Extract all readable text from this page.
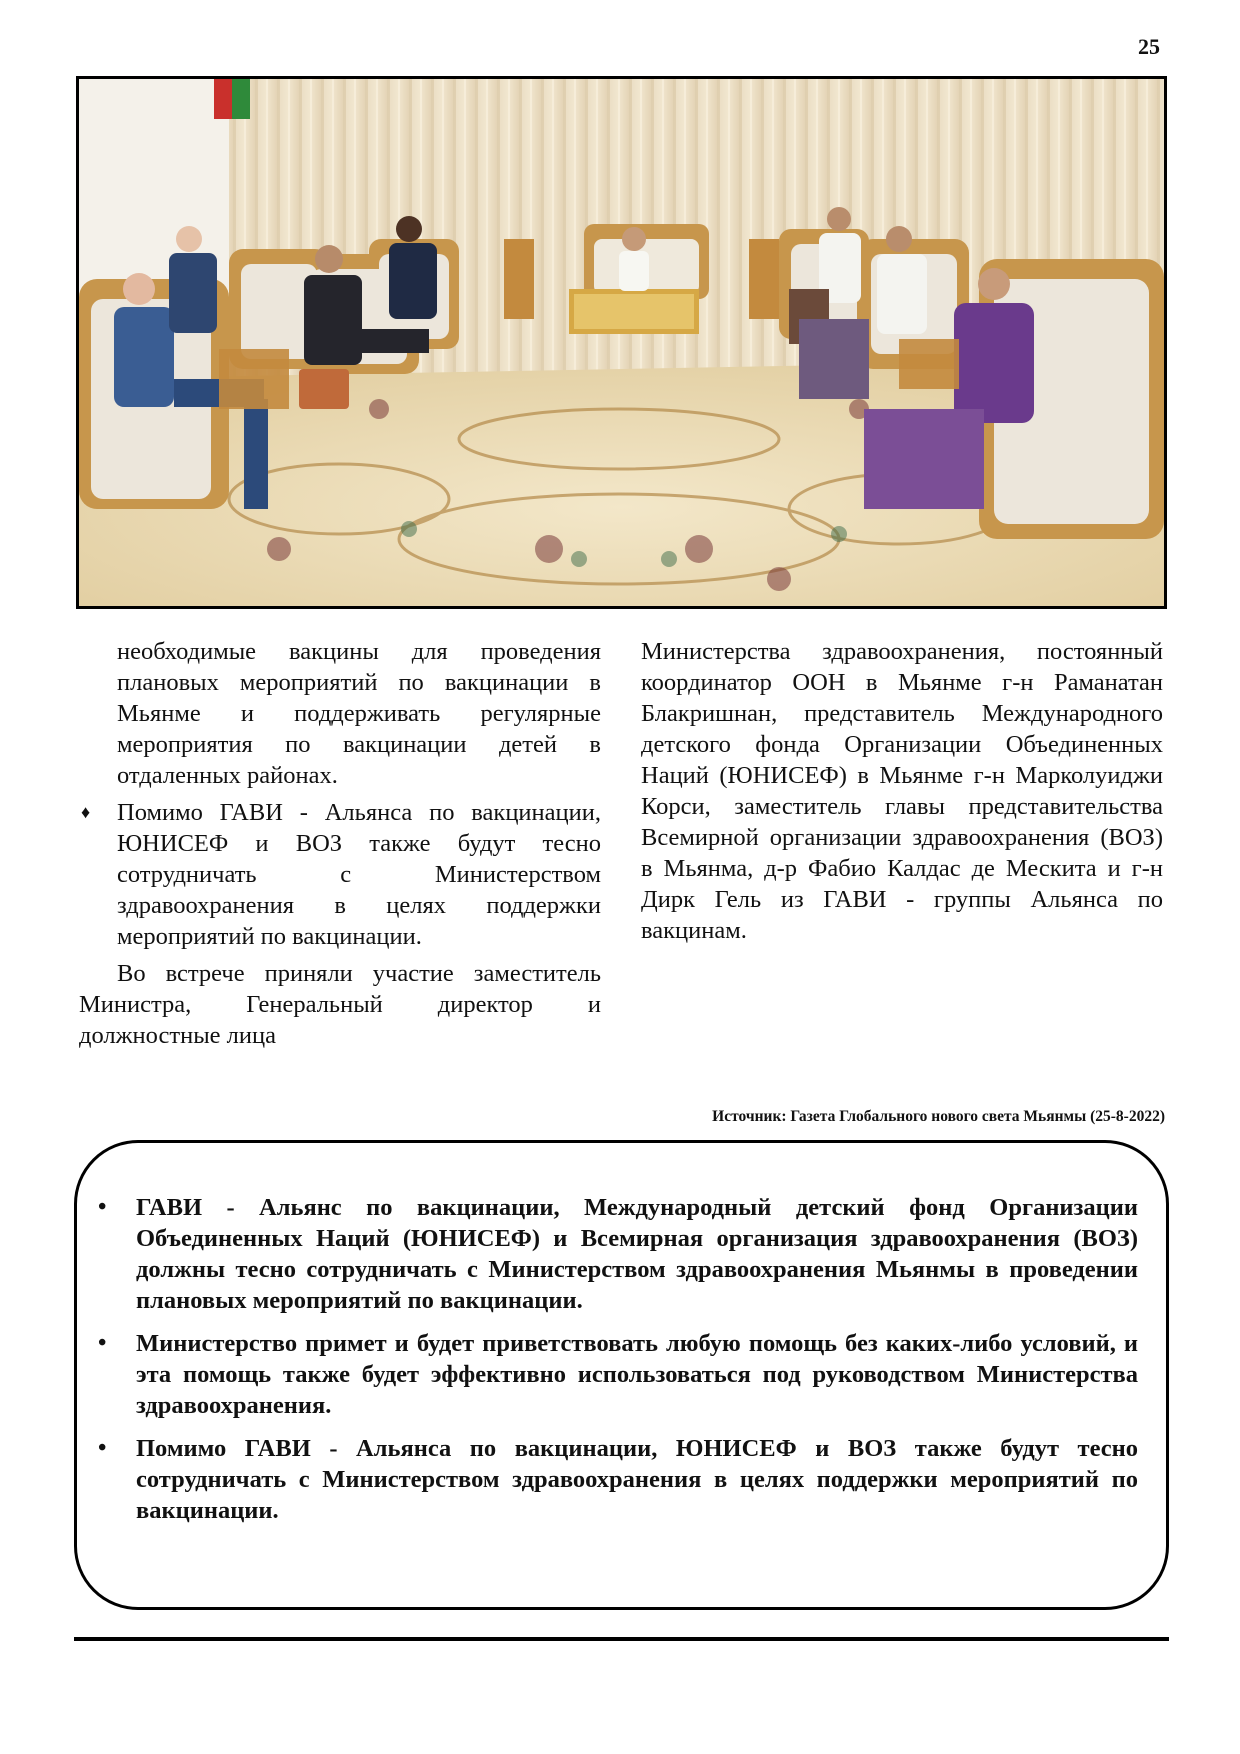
25

необходимые вакцины для проведения плановых мероприятий по вакцинации в Мьянме и поддерживать регулярные мероприятия по вакцинации детей в отдаленных районах.

♦ Помимо ГАВИ - Альянса по вакцинации, ЮНИСЕФ и ВОЗ также будут тесно сотрудничать с Министерством здравоохранения в целях поддержки мероприятий по вакцинации.

Во встрече приняли участие заместитель Министра, Генеральный директор и должностные лица

Министерства здравоохранения, постоянный координатор ООН в Мьянме г-н Раманатан Блакришнан, представитель Международного детского фонда Организации Объединенных Наций (ЮНИСЕФ) в Мьянме г-н Марколуиджи Корси, заместитель главы представительства Всемирной организации здравоохранения (ВОЗ) в Мьянма, д-р Фабио Калдас де Мескита и г-н Дирк Гель из ГАВИ - группы Альянса по вакцинам.

Источник: Газета Глобального нового света Мьянмы (25-8-2022)
• ГАВИ - Альянс по вакцинации, Международный детский фонд Организации Объединенных Наций (ЮНИСЕФ) и Всемирная организация здравоохранения (ВОЗ) должны тесно сотрудничать с Министерством здравоохранения Мьянмы в проведении плановых мероприятий по вакцинации.
• Министерство примет и будет приветствовать любую помощь без каких-либо условий, и эта помощь также будет эффективно использоваться под руководством Министерства здравоохранения.
• Помимо ГАВИ - Альянса по вакцинации, ЮНИСЕФ и ВОЗ также будут тесно сотрудничать с Министерством здравоохранения в целях поддержки мероприятий по вакцинации.
